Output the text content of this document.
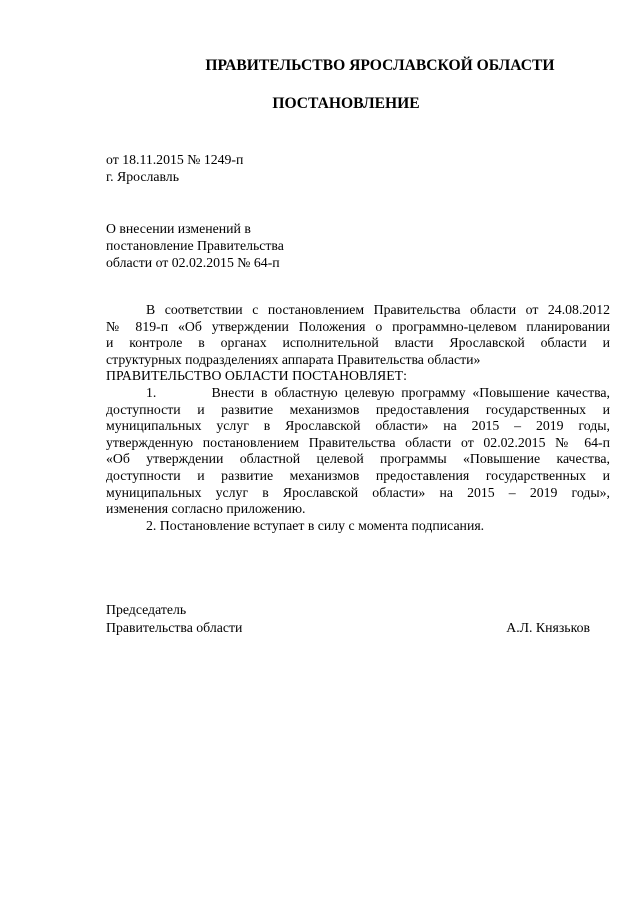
ПРАВИТЕЛЬСТВО ЯРОСЛАВСКОЙ ОБЛАСТИ
ПОСТАНОВЛЕНИЕ
от 18.11.2015 № 1249-п
г. Ярославль
О внесении изменений в
постановление Правительства
области от 02.02.2015 № 64-п

В соответствии с постановлением Правительства области от 24.08.2012

№ 819-п «Об утверждении Положения о программно-целевом планировании

и контроле в органах исполнительной власти Ярославской области и

структурных подразделениях аппарата Правительства области»

ПРАВИТЕЛЬСТВО ОБЛАСТИ ПОСТАНОВЛЯЕТ:

1.        Внести в областную целевую программу «Повышение качества,

доступности и развитие механизмов предоставления государственных и

муниципальных услуг в Ярославской области» на 2015 – 2019 годы,

утвержденную постановлением Правительства области от 02.02.2015 № 64-п

«Об утверждении областной целевой программы «Повышение качества,

доступности и развитие механизмов предоставления государственных и

муниципальных услуг в Ярославской области» на 2015 – 2019 годы»,

изменения согласно приложению.

2. Постановление вступает в силу с момента подписания.

Председатель
Правительства области	А.Л. Князьков
